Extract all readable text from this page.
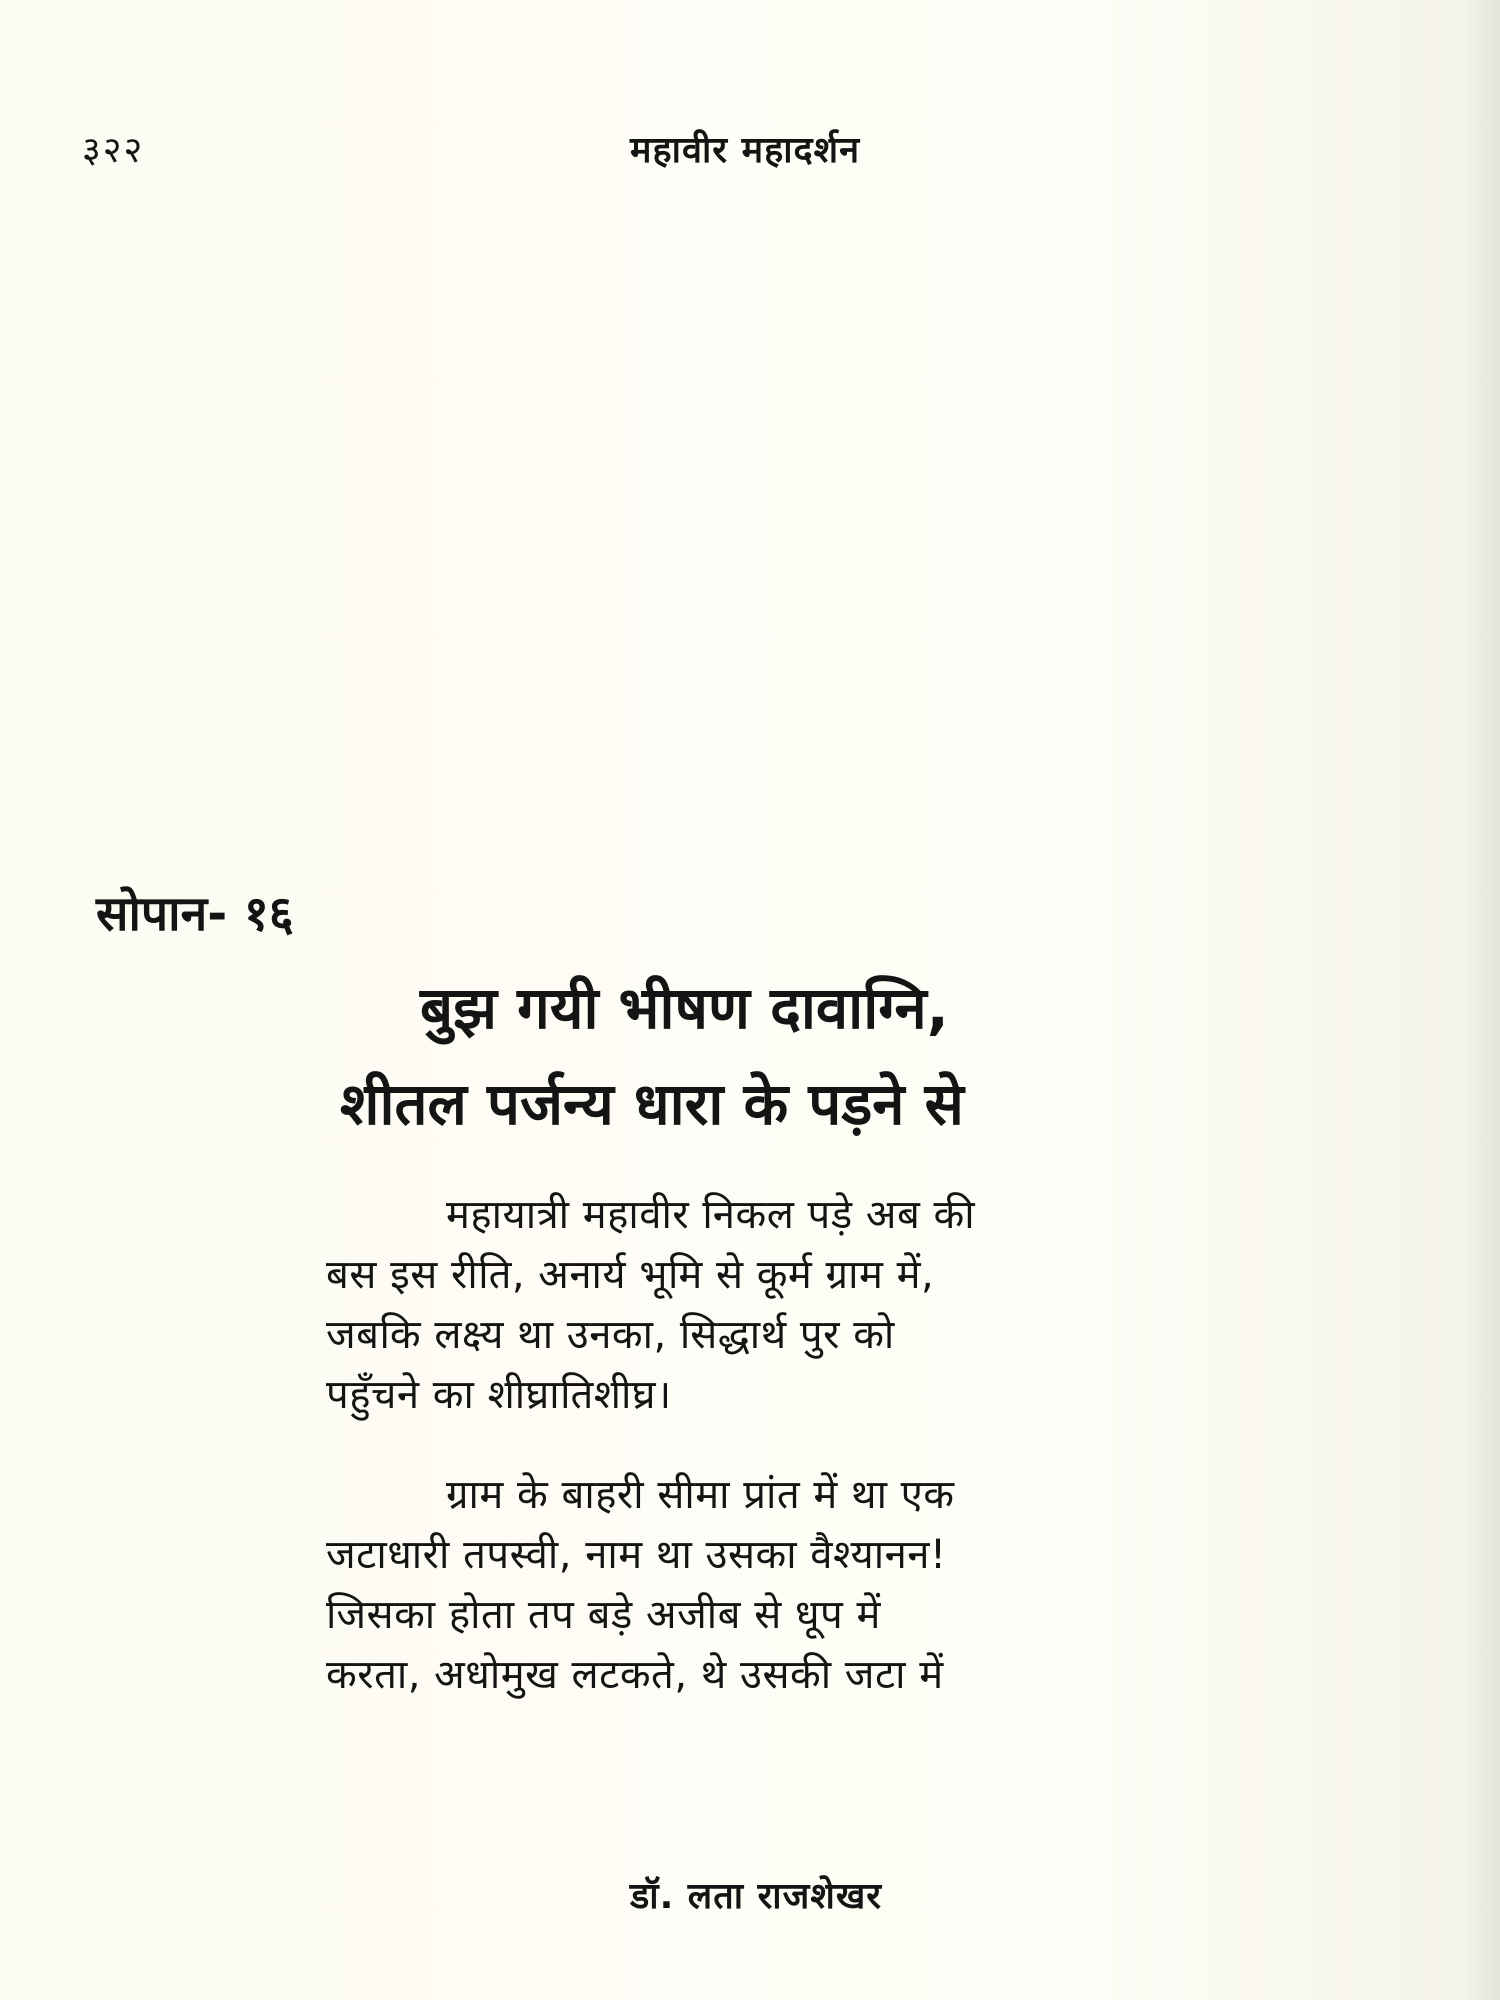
३२२	महावीर महादर्शन
सोपान- १६
बुझ गयी भीषण दावाग्नि,
शीतल पर्जन्य धारा के पड़ने से

महायात्री महावीर निकल पड़े अब की
बस इस रीति, अनार्य भूमि से कूर्म ग्राम में,
जबकि लक्ष्य था उनका, सिद्धार्थ पुर को
पहुँचने का शीघ्रातिशीघ्र।

ग्राम के बाहरी सीमा प्रांत में था एक
जटाधारी तपस्वी, नाम था उसका वैश्यानन!
जिसका होता तप बड़े अजीब से धूप में
करता, अधोमुख लटकते, थे उसकी जटा में

डॉ. लता राजशेखर
